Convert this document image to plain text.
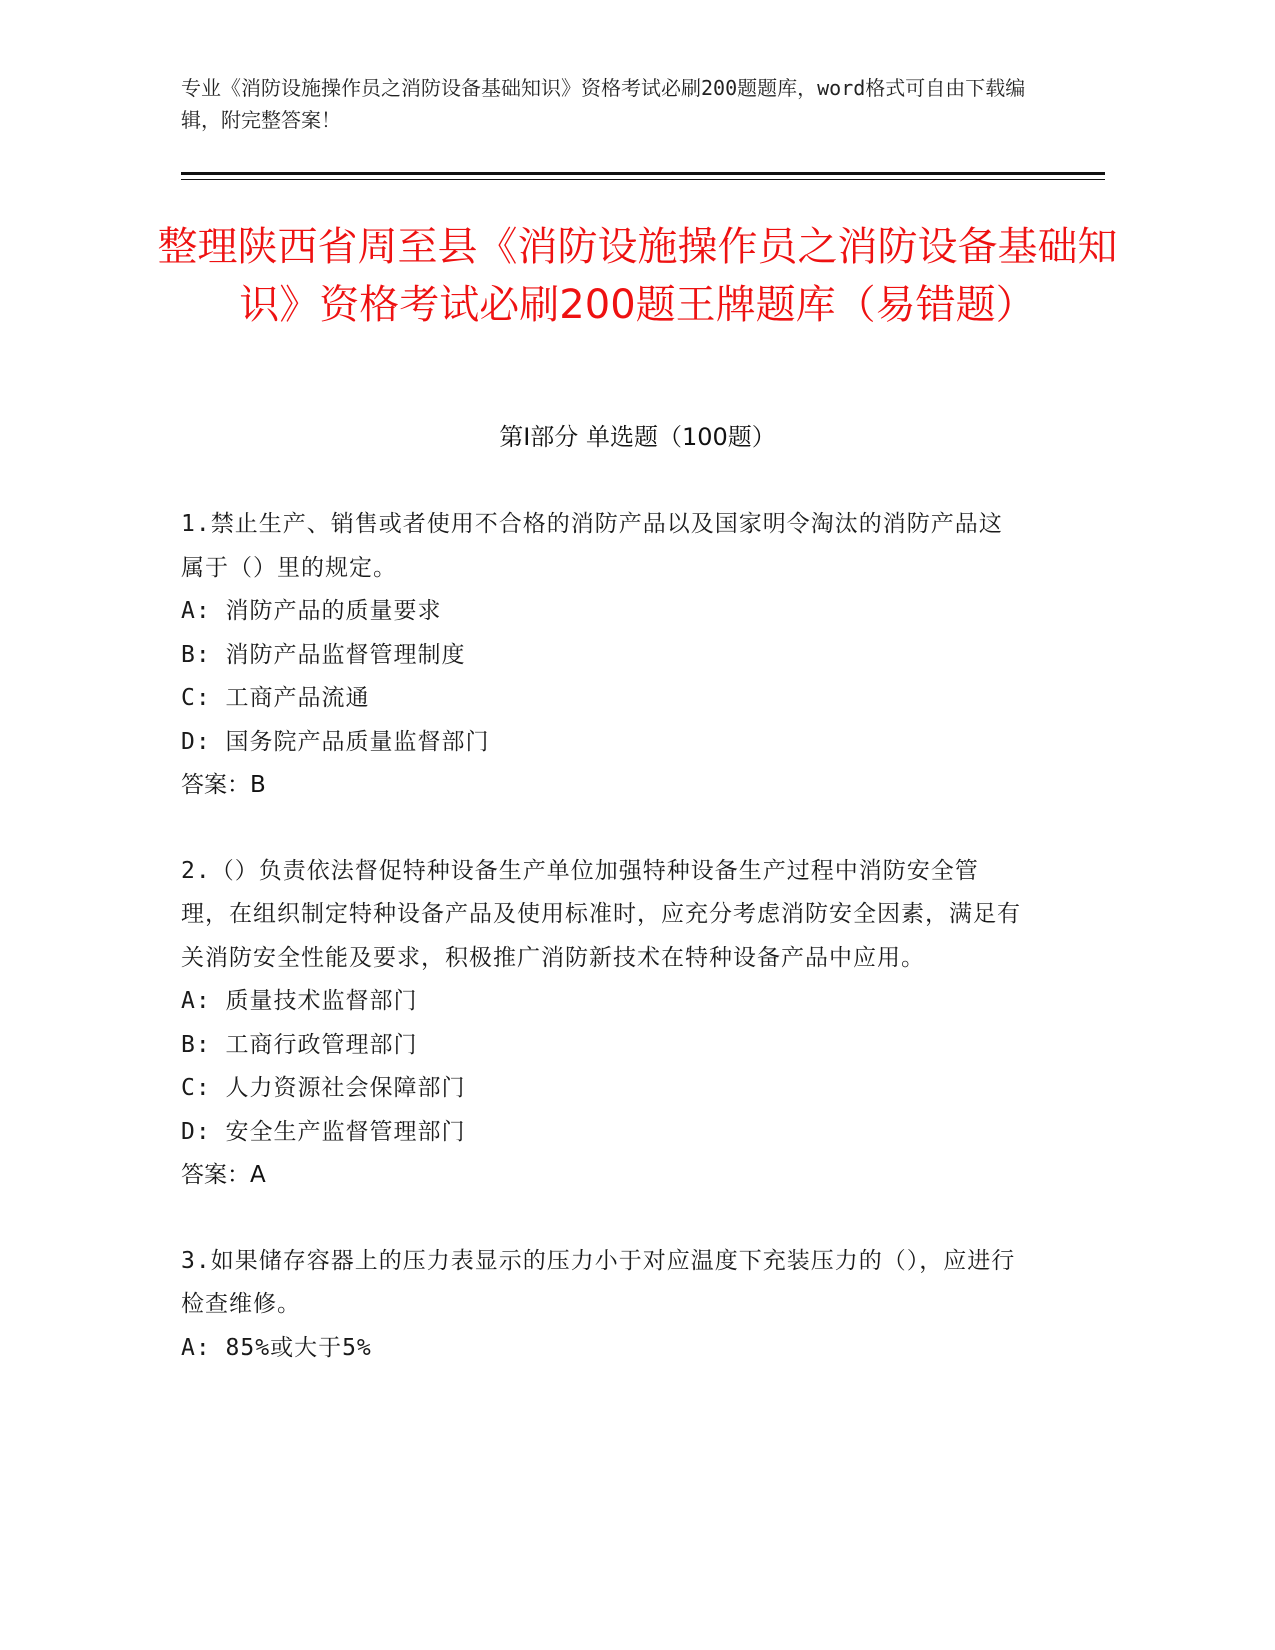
专业《消防设施操作员之消防设备基础知识》资格考试必刷200题题库，word格式可自由下载编辑，附完整答案！
整理陕西省周至县《消防设施操作员之消防设备基础知识》资格考试必刷200题王牌题库（易错题）
第Ⅰ部分 单选题（100题）
1.禁止生产、销售或者使用不合格的消防产品以及国家明令淘汰的消防产品这属于（）里的规定。
A: 消防产品的质量要求
B: 消防产品监督管理制度
C: 工商产品流通
D: 国务院产品质量监督部门
答案：B
2.（）负责依法督促特种设备生产单位加强特种设备生产过程中消防安全管理，在组织制定特种设备产品及使用标准时，应充分考虑消防安全因素，满足有关消防安全性能及要求，积极推广消防新技术在特种设备产品中应用。
A: 质量技术监督部门
B: 工商行政管理部门
C: 人力资源社会保障部门
D: 安全生产监督管理部门
答案：A
3.如果储存容器上的压力表显示的压力小于对应温度下充装压力的（），应进行检查维修。
A: 85%或大于5%
